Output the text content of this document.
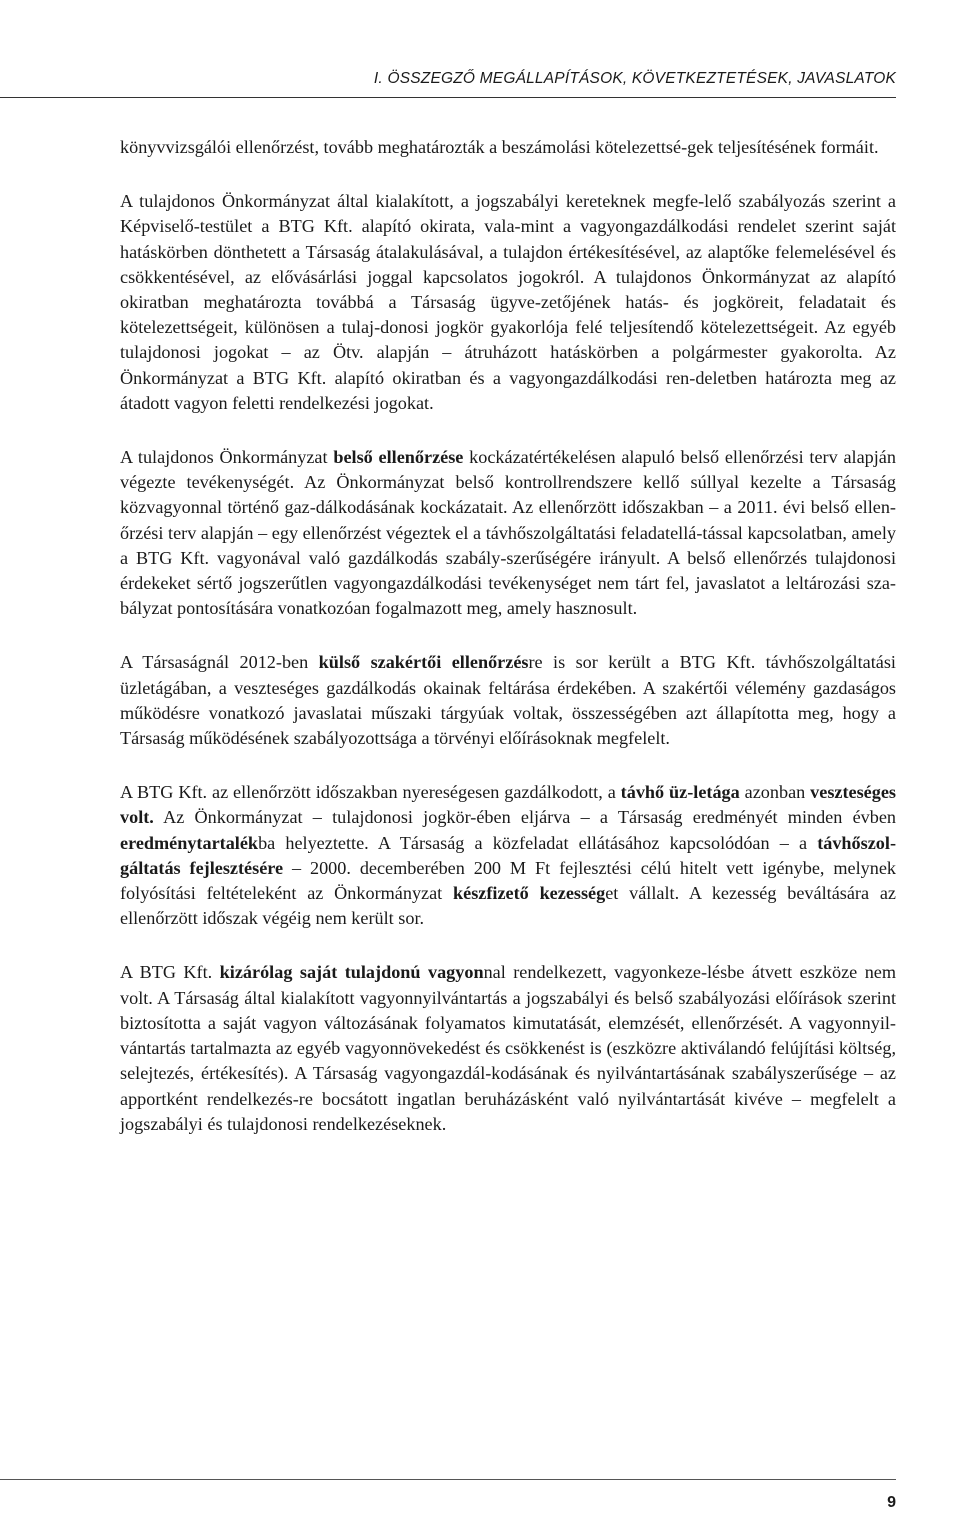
I. ÖSSZEGZŐ MEGÁLLAPÍTÁSOK, KÖVETKEZTETÉSEK, JAVASLATOK

könyvvizsgálói ellenőrzést, tovább meghatározták a beszámolási kötelezettsé-gek teljesítésének formáit.

A tulajdonos Önkormányzat által kialakított, a jogszabályi kereteknek megfe-lelő szabályozás szerint a Képviselő-testület a BTG Kft. alapító okirata, vala-mint a vagyongazdálkodási rendelet szerint saját hatáskörben dönthetett a Társaság átalakulásával, a tulajdon értékesítésével, az alaptőke felemelésével és csökkentésével, az elővásárlási joggal kapcsolatos jogokról. A tulajdonos Önkormányzat az alapító okiratban meghatározta továbbá a Társaság ügyve-zetőjének hatás- és jogköreit, feladatait és kötelezettségeit, különösen a tulaj-donosi jogkör gyakorlója felé teljesítendő kötelezettségeit. Az egyéb tulajdonosi jogokat – az Ötv. alapján – átruházott hatáskörben a polgármester gyakorolta. Az Önkormányzat a BTG Kft. alapító okiratban és a vagyongazdálkodási ren-deletben határozta meg az átadott vagyon feletti rendelkezési jogokat.

A tulajdonos Önkormányzat belső ellenőrzése kockázatértékelésen alapuló belső ellenőrzési terv alapján végezte tevékenységét. Az Önkormányzat belső kontrollrendszere kellő súllyal kezelte a Társaság közvagyonnal történő gaz-dálkodásának kockázatait. Az ellenőrzött időszakban – a 2011. évi belső ellen-őrzési terv alapján – egy ellenőrzést végeztek el a távhőszolgáltatási feladatellá-tással kapcsolatban, amely a BTG Kft. vagyonával való gazdálkodás szabály-szerűségére irányult. A belső ellenőrzés tulajdonosi érdekeket sértő jogszerűtlen vagyongazdálkodási tevékenységet nem tárt fel, javaslatot a leltározási sza-bályzat pontosítására vonatkozóan fogalmazott meg, amely hasznosult.

A Társaságnál 2012-ben külső szakértői ellenőrzésre is sor került a BTG Kft. távhőszolgáltatási üzletágában, a veszteséges gazdálkodás okainak feltárása érdekében. A szakértői vélemény gazdaságos működésre vonatkozó javaslatai műszaki tárgyúak voltak, összességében azt állapította meg, hogy a Társaság működésének szabályozottsága a törvényi előírásoknak megfelelt.

A BTG Kft. az ellenőrzött időszakban nyereségesen gazdálkodott, a távhő üz-letága azonban veszteséges volt. Az Önkormányzat – tulajdonosi jogkör-ében eljárva – a Társaság eredményét minden évben eredménytartalékba helyeztette. A Társaság a közfeladat ellátásához kapcsolódóan – a távhőszol-gáltatás fejlesztésére – 2000. decemberében 200 M Ft fejlesztési célú hitelt vett igénybe, melynek folyósítási feltételeként az Önkormányzat készfizető kezességet vállalt. A kezesség beváltására az ellenőrzött időszak végéig nem került sor.

A BTG Kft. kizárólag saját tulajdonú vagyonnal rendelkezett, vagyonkeze-lésbe átvett eszköze nem volt. A Társaság által kialakított vagyonnyilvántartás a jogszabályi és belső szabályozási előírások szerint biztosította a saját vagyon változásának folyamatos kimutatását, elemzését, ellenőrzését. A vagyonnyil-vántartás tartalmazta az egyéb vagyonnövekedést és csökkenést is (eszközre aktiválandó felújítási költség, selejtezés, értékesítés). A Társaság vagyongazdál-kodásának és nyilvántartásának szabályszerűsége – az apportként rendelkezés-re bocsátott ingatlan beruházásként való nyilvántartását kivéve – megfelelt a jogszabályi és tulajdonosi rendelkezéseknek.

9
